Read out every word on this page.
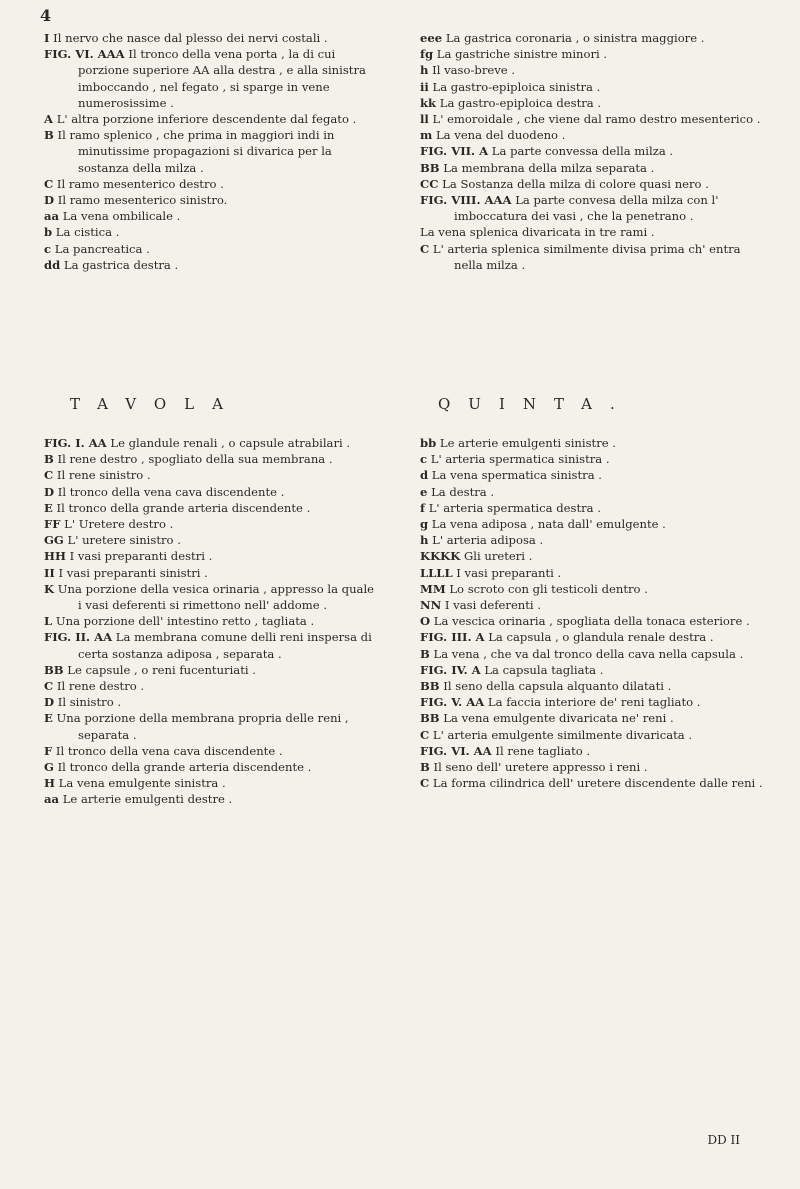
4

I Il nervo che nasce dal plesso dei nervi costali .

FIG. VI. AAA Il tronco della vena porta , la di cui porzione superiore AA alla destra , e alla sinistra imboccando , nel fegato , si sparge in vene numerosissime .

A L' altra porzione inferiore descendente dal fegato .

B Il ramo splenico , che prima in maggiori indi in minutissime propagazioni si divarica per la sostanza della milza .

C Il ramo mesenterico destro .

D Il ramo mesenterico sinistro.

aa La vena ombilicale .

b La cistica .

c La pancreatica .

dd La gastrica destra .

eee La gastrica coronaria , o sinistra maggiore .

fg La gastriche sinistre minori .

h Il vaso-breve .

ii La gastro-epiploica sinistra .

kk La gastro-epiploica destra .

ll L' emoroidale , che viene dal ramo destro mesenterico .

m La vena del duodeno .

FIG. VII. A La parte convessa della milza .

BB La membrana della milza separata .

CC La Sostanza della milza di colore quasi nero .

FIG. VIII. AAA La parte convesa della milza con l' imboccatura dei vasi , che la penetrano .

La vena splenica divaricata in tre rami .

C L' arteria splenica similmente divisa prima ch' entra nella milza .

TAVOLA	QUINTA.

FIG. I. AA Le glandule renali , o capsule atrabilari .

B Il rene destro , spogliato della sua membrana .

C Il rene sinistro .

D Il tronco della vena cava discendente .

E Il tronco della grande arteria discendente .

FF L' Uretere destro .

GG L' uretere sinistro .

HH I vasi preparanti destri .

II I vasi preparanti sinistri .

K Una porzione della vesica orinaria , appresso la quale i vasi deferenti si rimettono nell' addome .

L Una porzione dell' intestino retto , tagliata .

FIG. II. AA La membrana comune delli reni inspersa di certa sostanza adiposa , separata .

BB Le capsule , o reni fucenturiati .

C Il rene destro .

D Il sinistro .

E Una porzione della membrana propria delle reni , separata .

F Il tronco della vena cava discendente .

G Il tronco della grande arteria discendente .

H La vena emulgente sinistra .

aa Le arterie emulgenti destre .

bb Le arterie emulgenti sinistre .

c L' arteria spermatica sinistra .

d La vena spermatica sinistra .

e La destra .

f L' arteria spermatica destra .

g La vena adiposa , nata dall' emulgente .

h L' arteria adiposa .

KKKK Gli ureteri .

LLLL I vasi preparanti .

MM Lo scroto con gli testicoli dentro .

NN I vasi deferenti .

O La vescica orinaria , spogliata della tonaca esteriore .

FIG. III. A La capsula , o glandula renale destra .

B La vena , che va dal tronco della cava nella capsula .

FIG. IV. A La capsula tagliata .

BB Il seno della capsula alquanto dilatati .

FIG. V. AA La faccia interiore de' reni tagliato .

BB La vena emulgente divaricata ne' reni .

C L' arteria emulgente similmente divaricata .

FIG. VI. AA Il rene tagliato .

B Il seno dell' uretere appresso i reni .

C La forma cilindrica dell' uretere discendente dalle reni .

DD II
